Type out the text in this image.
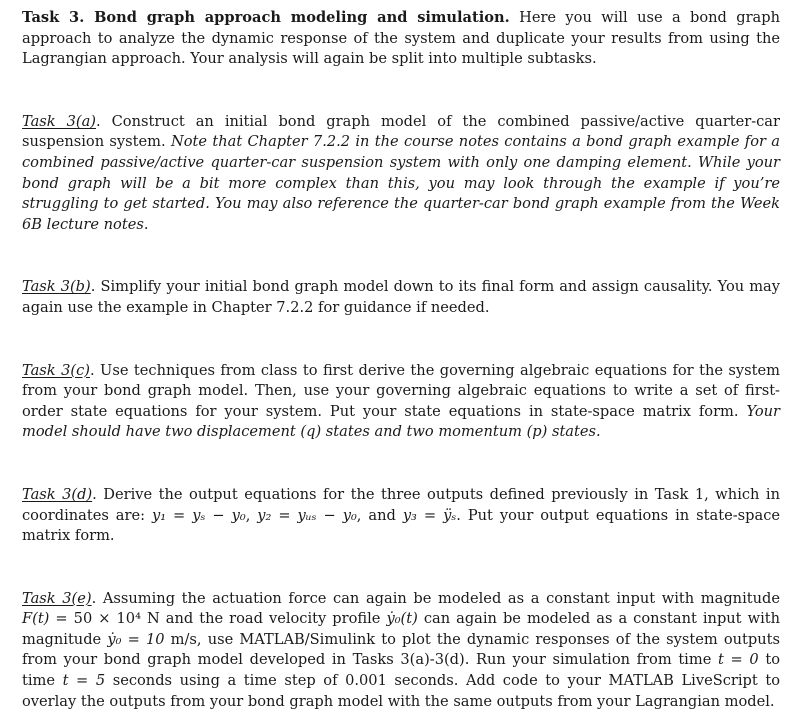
Task 3. Bond graph approach modeling and simulation. Here you will use a bond graph approach to analyze the dynamic response of the system and duplicate your results from using the Lagrangian approach. Your analysis will again be split into multiple subtasks.

Task 3(a). Construct an initial bond graph model of the combined passive/active quarter-car suspension system. Note that Chapter 7.2.2 in the course notes contains a bond graph example for a combined passive/active quarter-car suspension system with only one damping element. While your bond graph will be a bit more complex than this, you may look through the example if you’re struggling to get started. You may also reference the quarter-car bond graph example from the Week 6B lecture notes.

Task 3(b). Simplify your initial bond graph model down to its final form and assign causality. You may again use the example in Chapter 7.2.2 for guidance if needed.

Task 3(c). Use techniques from class to first derive the governing algebraic equations for the system from your bond graph model. Then, use your governing algebraic equations to write a set of first-order state equations for your system. Put your state equations in state-space matrix form. Your model should have two displacement (q) states and two momentum (p) states.

Task 3(d). Derive the output equations for the three outputs defined previously in Task 1, which in coordinates are: y₁ = yₛ − y₀, y₂ = yᵤₛ − y₀, and y₃ = ÿₛ. Put your output equations in state-space matrix form.

Task 3(e). Assuming the actuation force can again be modeled as a constant input with magnitude F(t) = 50 × 10⁴ N and the road velocity profile ẏ₀(t) can again be modeled as a constant input with magnitude ẏ₀ = 10 m/s, use MATLAB/Simulink to plot the dynamic responses of the system outputs from your bond graph model developed in Tasks 3(a)-3(d). Run your simulation from time t = 0 to time t = 5 seconds using a time step of 0.001 seconds. Add code to your MATLAB LiveScript to overlay the outputs from your bond graph model with the same outputs from your Lagrangian model.
